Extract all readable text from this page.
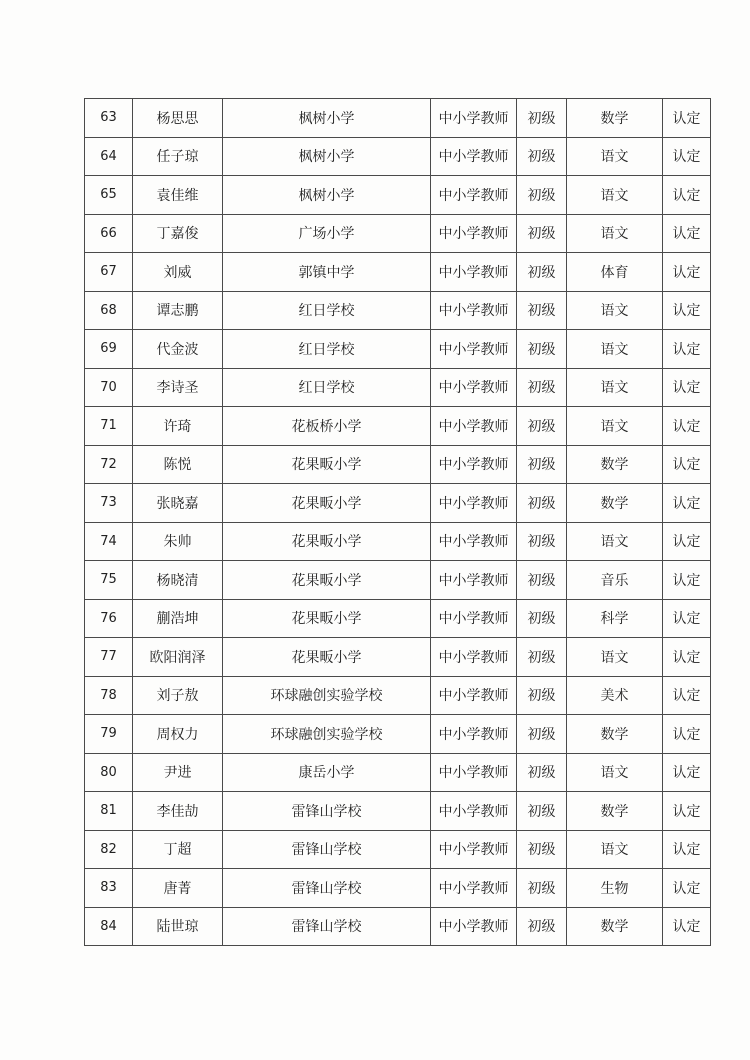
63	杨思思	枫树小学	中小学教师	初级	数学	认定
64	任子琼	枫树小学	中小学教师	初级	语文	认定
65	袁佳维	枫树小学	中小学教师	初级	语文	认定
66	丁嘉俊	广场小学	中小学教师	初级	语文	认定
67	刘威	郭镇中学	中小学教师	初级	体育	认定
68	谭志鹏	红日学校	中小学教师	初级	语文	认定
69	代金波	红日学校	中小学教师	初级	语文	认定
70	李诗圣	红日学校	中小学教师	初级	语文	认定
71	许琦	花板桥小学	中小学教师	初级	语文	认定
72	陈悦	花果畈小学	中小学教师	初级	数学	认定
73	张晓嘉	花果畈小学	中小学教师	初级	数学	认定
74	朱帅	花果畈小学	中小学教师	初级	语文	认定
75	杨晓清	花果畈小学	中小学教师	初级	音乐	认定
76	蒯浩坤	花果畈小学	中小学教师	初级	科学	认定
77	欧阳润泽	花果畈小学	中小学教师	初级	语文	认定
78	刘子敖	环球融创实验学校	中小学教师	初级	美术	认定
79	周权力	环球融创实验学校	中小学教师	初级	数学	认定
80	尹进	康岳小学	中小学教师	初级	语文	认定
81	李佳劼	雷锋山学校	中小学教师	初级	数学	认定
82	丁超	雷锋山学校	中小学教师	初级	语文	认定
83	唐菁	雷锋山学校	中小学教师	初级	生物	认定
84	陆世琼	雷锋山学校	中小学教师	初级	数学	认定
